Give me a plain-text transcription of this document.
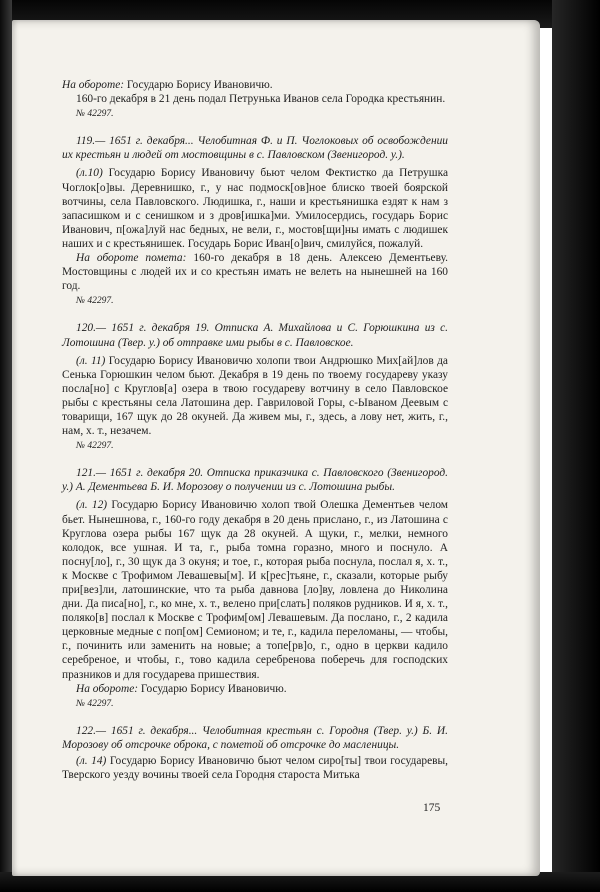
На обороте: Государю Борису Ивановичю.

160-го декабря в 21 день подал Петрунька Иванов села Городка крестьянин.

№ 42297.

119.— 1651 г. декабря... Челобитная Ф. и П. Чоглоковых об освобождении их крестьян и людей от мостовщины в с. Павловском (Звенигород. у.).

(л.10) Государю Борису Ивановичу бьют челом Фектистко да Петрушка Чоглок[о]вы. Деревнишко, г., у нас подмоск[ов]ное блиско твоей боярской вотчины, села Павловского. Людишка, г., наши и крестьянишка ездят к нам з запасишком и с сенишком и з дров[ишка]ми. Умилосердись, государь Борис Иванович, п[ожа]луй нас бедных, не вели, г., мостов[щи]ны имать с людишек наших и с крестьянишек. Государь Борис Иван[о]вич, смилуйся, пожалуй.

На обороте помета: 160-го декабря в 18 день. Алексею Дементьеву. Мостовщины с людей их и со крестьян имать не велеть на нынешней на 160 год.

№ 42297.

120.— 1651 г. декабря 19. Отписка А. Михайлова и С. Горюшкина из с. Лотошина (Твер. у.) об отправке ими рыбы в с. Павловское.

(л. 11) Государю Борису Ивановичю холопи твои Андрюшко Мих[ай]лов да Сенька Горюшкин челом бьют. Декабря в 19 день по твоему государеву указу посла[но] с Круглов[а] озера в твою государеву вотчину в село Павловское рыбы с крестьяны села Латошина дер. Гавриловой Горы, с-Ывaном Деевым с товарищи, 167 щук до 28 окуней. Да живем мы, г., здесь, а лову нет, жить, г., нам, х. т., незачем.

№ 42297.

121.— 1651 г. декабря 20. Отписка приказчика с. Павловского (Звенигород. у.) А. Дементьева Б. И. Морозову о получении из с. Лотошина рыбы.

(л. 12) Государю Борису Ивановичю холоп твой Олешка Дементьев челом бьет. Нынешнова, г., 160-го году декабря в 20 день прислано, г., из Латошина с Круглова озера рыбы 167 щук да 28 окуней. А щуки, г., мелки, немного колодок, все ушная. И та, г., рыба томна горазно, много и поснуло. А посну[ло], г., 30 щук да 3 окуня; и тое, г., которая рыба поснула, послал я, х. т., к Москве с Трофимом Левашевы[м]. И к[рес]тьяне, г., сказали, которые рыбу при[вез]ли, латошинские, что та рыба давнова [ло]ву, ловлена до Николина дни. Да писа[но], г., ко мне, х. т., велено при[слать] поляков рудников. И я, х. т., поляко[в] послал к Москве с Трофим[ом] Левашевым. Да послано, г., 2 кадила церковные медные с поп[ом] Семионом; и те, г., кадила переломаны, — чтобы, г., починить или заменить на новые; а топе[рв]о, г., одно в церкви кадило серебреное, и чтобы, г., тово кадила серебренова поберечь для господских празников и для государева пришествия.

На обороте: Государю Борису Ивановичю.

№ 42297.

122.— 1651 г. декабря... Челобитная крестьян с. Городня (Твер. у.) Б. И. Морозову об отсрочке оброка, с пометой об отсрочке до масленицы.

(л. 14) Государю Борису Ивановичю бьют челом сиро[ты] твои государевы, Тверского уезду вочины твоей села Городня староста Митька

175
